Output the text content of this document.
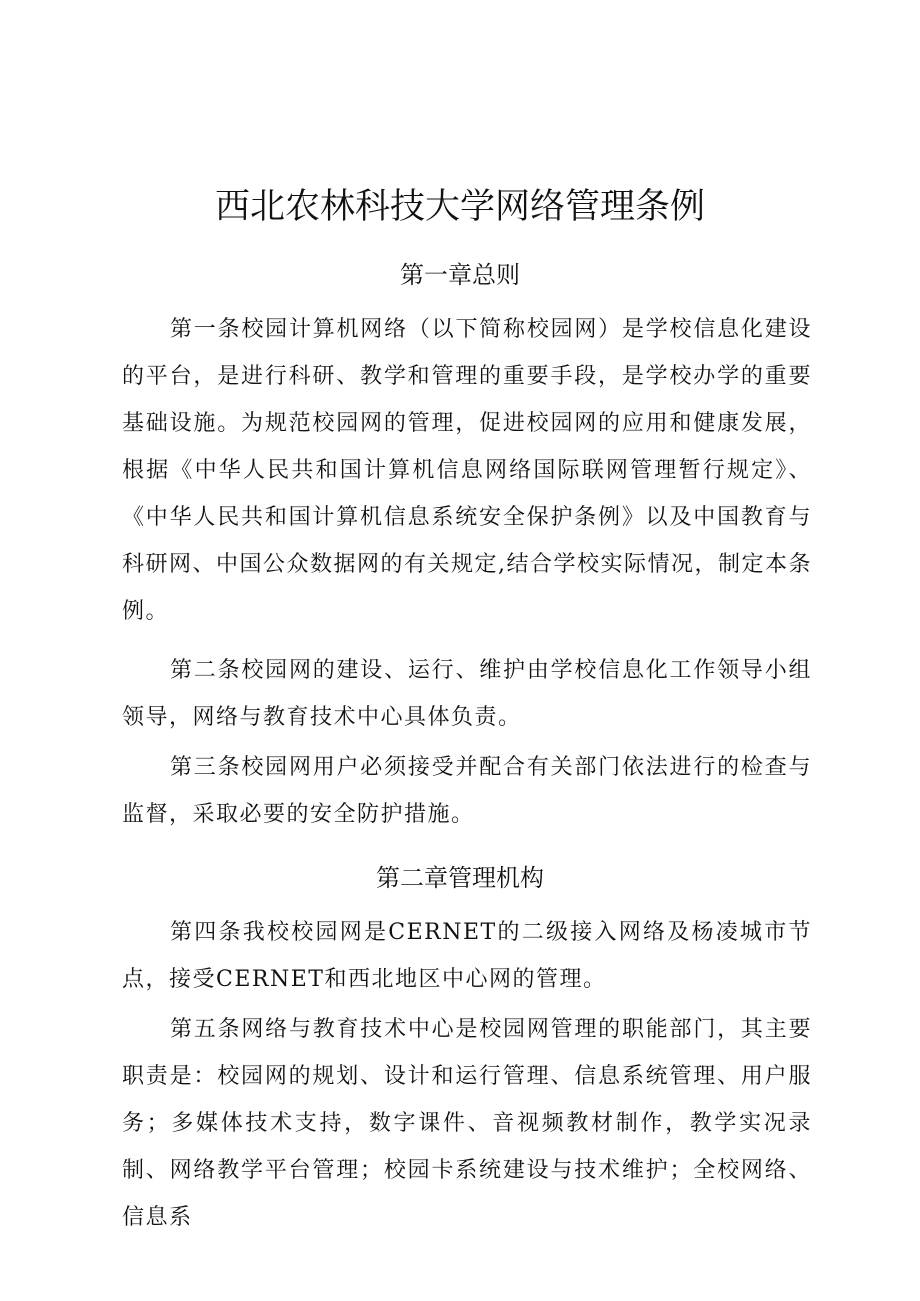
西北农林科技大学网络管理条例
第一章总则

第一条校园计算机网络（以下简称校园网）是学校信息化建设的平台，是进行科研、教学和管理的重要手段，是学校办学的重要基础设施。为规范校园网的管理，促进校园网的应用和健康发展，根据《中华人民共和国计算机信息网络国际联网管理暂行规定》、《中华人民共和国计算机信息系统安全保护条例》以及中国教育与科研网、中国公众数据网的有关规定,结合学校实际情况，制定本条例。

第二条校园网的建设、运行、维护由学校信息化工作领导小组领导，网络与教育技术中心具体负责。

第三条校园网用户必须接受并配合有关部门依法进行的检查与监督，采取必要的安全防护措施。

第二章管理机构

第四条我校校园网是CERNET的二级接入网络及杨凌城市节点，接受CERNET和西北地区中心网的管理。

第五条网络与教育技术中心是校园网管理的职能部门，其主要职责是：校园网的规划、设计和运行管理、信息系统管理、用户服务；多媒体技术支持，数字课件、音视频教材制作，教学实况录制、网络教学平台管理；校园卡系统建设与技术维护；全校网络、信息系
